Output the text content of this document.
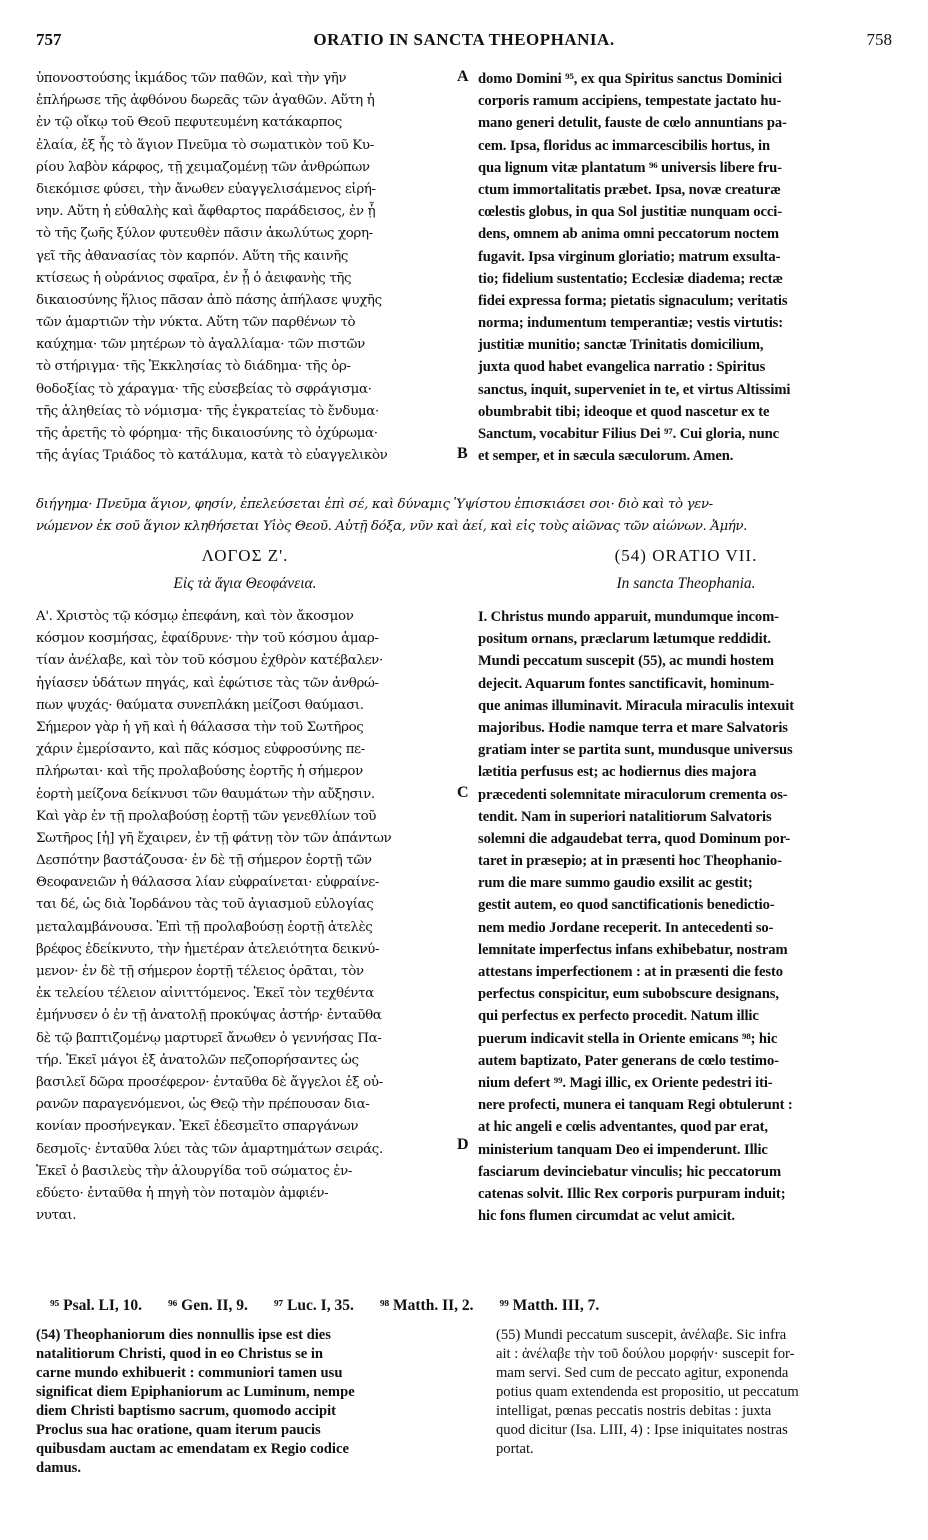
757	ORATIO IN SANCTA THEOPHANIA.	758
ὑπονοστούσης ἰκμάδος τῶν παθῶν, καὶ τὴν γῆν
ἐπλήρωσε τῆς ἀφθόνου δωρεᾶς τῶν ἀγαθῶν. Αὕτη ἡ
ἐν τῷ οἴκῳ τοῦ Θεοῦ πεφυτευμένη κατάκαρπος
ἐλαία, ἐξ ἧς τὸ ἅγιον Πνεῦμα τὸ σωματικὸν τοῦ Κυ-
ρίου λαβὸν κάρφος, τῇ χειμαζομένῃ τῶν ἀνθρώπων
διεκόμισε φύσει, τὴν ἄνωθεν εὐαγγελισάμενος εἰρή-
νην. Αὕτη ἡ εὐθαλὴς καὶ ἄφθαρτος παράδεισος, ἐν ᾗ
τὸ τῆς ζωῆς ξύλον φυτευθὲν πᾶσιν ἀκωλύτως χορη-
γεῖ τῆς ἀθανασίας τὸν καρπόν. Αὕτη τῆς καινῆς
κτίσεως ἡ οὐράνιος σφαῖρα, ἐν ᾗ ὁ ἀειφανὴς τῆς
δικαιοσύνης ἥλιος πᾶσαν ἀπὸ πάσης ἀπήλασε ψυχῆς
τῶν ἁμαρτιῶν τὴν νύκτα. Αὕτη τῶν παρθένων τὸ
καύχημα· τῶν μητέρων τὸ ἀγαλλίαμα· τῶν πιστῶν
τὸ στήριγμα· τῆς Ἐκκλησίας τὸ διάδημα· τῆς ὀρ-
θοδοξίας τὸ χάραγμα· τῆς εὐσεβείας τὸ σφράγισμα·
τῆς ἀληθείας τὸ νόμισμα· τῆς ἐγκρατείας τὸ ἔνδυμα·
τῆς ἀρετῆς τὸ φόρημα· τῆς δικαιοσύνης τὸ ὀχύρωμα·
τῆς ἁγίας Τριάδος τὸ κατάλυμα, κατὰ τὸ εὐαγγελικὸν
domo Domini ⁹⁵, ex qua Spiritus sanctus Dominici
corporis ramum accipiens, tempestate jactato hu-
mano generi detulit, fauste de cœlo annuntians pa-
cem. Ipsa, floridus ac immarcescibilis hortus, in
qua lignum vitæ plantatum ⁹⁶ universis libere fru-
ctum immortalitatis præbet. Ipsa, novæ creaturæ
cœlestis globus, in qua Sol justitiæ nunquam occi-
dens, omnem ab anima omni peccatorum noctem
fugavit. Ipsa virginum gloriatio; matrum exsulta-
tio; fidelium sustentatio; Ecclesiæ diadema; rectæ
fidei expressa forma; pietatis signaculum; veritatis
norma; indumentum temperantiæ; vestis virtutis:
justitiæ munitio; sanctæ Trinitatis domicilium,
juxta quod habet evangelica narratio : Spiritus
sanctus, inquit, superveniet in te, et virtus Altissimi
obumbrabit tibi; ideoque et quod nascetur ex te
Sanctum, vocabitur Filius Dei ⁹⁷. Cui gloria, nunc
et semper, et in sæcula sæculorum. Amen.
A
B
C
D
διήγημα· Πνεῦμα ἅγιον, φησίν, ἐπελεύσεται ἐπὶ σέ, καὶ δύναμις Ὑψίστου ἐπισκιάσει σοι· διὸ καὶ τὸ γεν-
νώμενον ἐκ σοῦ ἅγιον κληθήσεται Υἱὸς Θεοῦ. Αὐτῇ δόξα, νῦν καὶ ἀεί, καὶ εἰς τοὺς αἰῶνας τῶν αἰώνων. Ἀμήν.
ΛΟΓΟΣ Ζ'.
Εἰς τὰ ἅγια Θεοφάνεια.
(54) ORATIO VII.
In sancta Theophania.
Α'. Χριστὸς τῷ κόσμῳ ἐπεφάνη, καὶ τὸν ἄκοσμον
κόσμον κοσμήσας, ἐφαίδρυνε· τὴν τοῦ κόσμου ἁμαρ-
τίαν ἀνέλαβε, καὶ τὸν τοῦ κόσμου ἐχθρὸν κατέβαλεν·
ἡγίασεν ὑδάτων πηγάς, καὶ ἐφώτισε τὰς τῶν ἀνθρώ-
πων ψυχάς· θαύματα συνεπλάκη μείζοσι θαύμασι.
Σήμερον γὰρ ἡ γῆ καὶ ἡ θάλασσα τὴν τοῦ Σωτῆρος
χάριν ἐμερίσαντο, καὶ πᾶς κόσμος εὐφροσύνης πε-
πλήρωται· καὶ τῆς προλαβούσης ἑορτῆς ἡ σήμερον
ἑορτὴ μείζονα δείκνυσι τῶν θαυμάτων τὴν αὔξησιν.
Καὶ γὰρ ἐν τῇ προλαβούσῃ ἑορτῇ τῶν γενεθλίων τοῦ
Σωτῆρος [ἡ] γῆ ἔχαιρεν, ἐν τῇ φάτνῃ τὸν τῶν ἁπάντων
Δεσπότην βαστάζουσα· ἐν δὲ τῇ σήμερον ἑορτῇ τῶν
Θεοφανειῶν ἡ θάλασσα λίαν εὐφραίνεται· εὐφραίνε-
ται δέ, ὡς διὰ Ἰορδάνου τὰς τοῦ ἁγιασμοῦ εὐλογίας
μεταλαμβάνουσα. Ἐπὶ τῇ προλαβούσῃ ἑορτῇ ἀτελὲς
βρέφος ἐδείκνυτο, τὴν ἡμετέραν ἀτελειότητα δεικνύ-
μενον· ἐν δὲ τῇ σήμερον ἑορτῇ τέλειος ὁρᾶται, τὸν
ἐκ τελείου τέλειον αἰνιττόμενος. Ἐκεῖ τὸν τεχθέντα
ἐμήνυσεν ὁ ἐν τῇ ἀνατολῇ προκύψας ἀστήρ· ἐνταῦθα
δὲ τῷ βαπτιζομένῳ μαρτυρεῖ ἄνωθεν ὁ γεννήσας Πα-
τήρ. Ἐκεῖ μάγοι ἐξ ἀνατολῶν πεζοπορήσαντες ὡς
βασιλεῖ δῶρα προσέφερον· ἐνταῦθα δὲ ἄγγελοι ἐξ οὐ-
ρανῶν παραγενόμενοι, ὡς Θεῷ τὴν πρέπουσαν δια-
κονίαν προσήνεγκαν. Ἐκεῖ ἐδεσμεῖτο σπαργάνων
δεσμοῖς· ἐνταῦθα λύει τὰς τῶν ἁμαρτημάτων σειράς.
Ἐκεῖ ὁ βασιλεὺς τὴν ἁλουργίδα τοῦ σώματος ἐν-
εδύετο· ἐνταῦθα ἡ πηγὴ τὸν ποταμὸν ἀμφιέν-
νυται.
I. Christus mundo apparuit, mundumque incom-
positum ornans, præclarum lætumque reddidit.
Mundi peccatum suscepit (55), ac mundi hostem
dejecit. Aquarum fontes sanctificavit, hominum-
que animas illuminavit. Miracula miraculis intexuit
majoribus. Hodie namque terra et mare Salvatoris
gratiam inter se partita sunt, mundusque universus
lætitia perfusus est; ac hodiernus dies majora
præcedenti solemnitate miraculorum crementa os-
tendit. Nam in superiori natalitiorum Salvatoris
solemni die adgaudebat terra, quod Dominum por-
taret in præsepio; at in præsenti hoc Theophanio-
rum die mare summo gaudio exsilit ac gestit;
gestit autem, eo quod sanctificationis benedictio-
nem medio Jordane receperit. In antecedenti so-
lemnitate imperfectus infans exhibebatur, nostram
attestans imperfectionem : at in præsenti die festo
perfectus conspicitur, eum subobscure designans,
qui perfectus ex perfecto procedit. Natum illic
puerum indicavit stella in Oriente emicans ⁹⁸; hic
autem baptizato, Pater generans de cœlo testimo-
nium defert ⁹⁹. Magi illic, ex Oriente pedestri iti-
nere profecti, munera ei tanquam Regi obtulerunt :
at hic angeli e cœlis adventantes, quod par erat,
ministerium tanquam Deo ei impenderunt. Illic
fasciarum devinciebatur vinculis; hic peccatorum
catenas solvit. Illic Rex corporis purpuram induit;
hic fons flumen circumdat ac velut amicit.
⁹⁵ Psal. LI, 10. ⁹⁶ Gen. II, 9. ⁹⁷ Luc. I, 35. ⁹⁸ Matth. II, 2. ⁹⁹ Matth. III, 7.
(54) Theophaniorum dies nonnullis ipse est dies
natalitiorum Christi, quod in eo Christus se in
carne mundo exhibuerit : communiori tamen usu
significat diem Epiphaniorum ac Luminum, nempe
diem Christi baptismo sacrum, quomodo accipit
Proclus sua hac oratione, quam iterum paucis
quibusdam auctam ac emendatam ex Regio codice
damus.
(55) Mundi peccatum suscepit, ἀνέλαβε. Sic infra
ait : ἀνέλαβε τὴν τοῦ δούλου μορφήν· suscepit for-
mam servi. Sed cum de peccato agitur, exponenda
potius quam extendenda est propositio, ut peccatum
intelligat, pœnas peccatis nostris debitas : juxta
quod dicitur (Isa. LIII, 4) : Ipse iniquitates nostras
portat.
